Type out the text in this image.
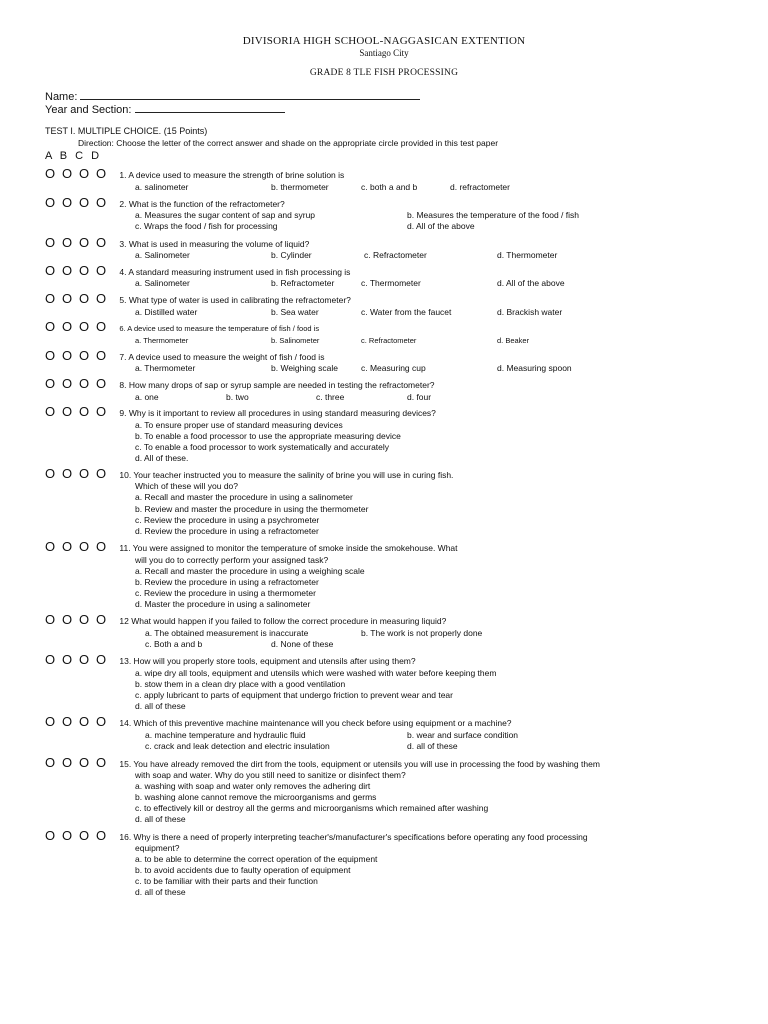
DIVISORIA HIGH SCHOOL-NAGGASICAN EXTENTION
Santiago City
GRADE 8 TLE FISH PROCESSING
Name:
Year and Section:
TEST I. MULTIPLE CHOICE. (15 Points)
Direction: Choose the letter of the correct answer and shade on the appropriate circle provided in this test paper
A B C D
O O O O 1. A device used to measure the strength of brine solution is
a. salinometer	b. thermometer	c. both a and b	d. refractometer
O O O O 2. What is the function of the refractometer?
a. Measures the sugar content of sap and syrup	b. Measures the temperature of the food / fish
c. Wraps the food / fish for processing	d. All of the above
O O O O 3. What is used in measuring the volume of liquid?
a. Salinometer	b. Cylinder	c. Refractometer	d. Thermometer
O O O O 4. A standard measuring instrument used in fish processing is
a. Salinometer	b. Refractometer	c. Thermometer	d. All of the above
O O O O 5. What type of water is used in calibrating the refractometer?
a. Distilled water	b. Sea water	c. Water from the faucet	d. Brackish water
O O O O 6. A device used to measure the temperature of fish / food is
a. Thermometer	b. Salinometer	c. Refractometer	d. Beaker
O O O O 7. A device used to measure the weight of fish / food is
a. Thermometer	b. Weighing scale	c. Measuring cup	d. Measuring spoon
O O O O 8. How many drops of sap or syrup sample are needed in testing the refractometer?
a. one	b. two	c. three	d. four
O O O O 9. Why is it important to review all procedures in using standard measuring devices?
a. To ensure proper use of standard measuring devices
b. To enable a food processor to use the appropriate measuring device
c. To enable a food processor to work systematically and accurately
d. All of these.
O O O O 10. Your teacher instructed you to measure the salinity of brine you will use in curing fish.
Which of these will you do?
a. Recall and master the procedure in using a salinometer
b. Review and master the procedure in using the thermometer
c. Review the procedure in using a psychrometer
d. Review the procedure in using a refractometer
O O O O 11. You were assigned to monitor the temperature of smoke inside the smokehouse. What
will you do to correctly perform your assigned task?
a. Recall and master the procedure in using a weighing scale
b. Review the procedure in using a refractometer
c. Review the procedure in using a thermometer
d. Master the procedure in using a salinometer
O O O O 12 What would happen if you failed to follow the correct procedure in measuring liquid?
a. The obtained measurement is inaccurate	b. The work is not properly done
c. Both a and b	d. None of these
O O O O 13. How will you properly store tools, equipment and utensils after using them?
a. wipe dry all tools, equipment and utensils which were washed with water before keeping them
b. stow them in a clean dry place with a good ventilation
c. apply lubricant to parts of equipment that undergo friction to prevent wear and tear
d. all of these
O O O O 14. Which of this preventive machine maintenance will you check before using equipment or a machine?
a. machine temperature and hydraulic fluid	b. wear and surface condition
c. crack and leak detection and electric insulation	d. all of these
O O O O 15. You have already removed the dirt from the tools, equipment or utensils you will use in processing the food by washing them
with soap and water. Why do you still need to sanitize or disinfect them?
a. washing with soap and water only removes the adhering dirt
b. washing alone cannot remove the microorganisms and germs
c. to effectively kill or destroy all the germs and microorganisms which remained after washing
d. all of these
O O O O 16. Why is there a need of properly interpreting teacher's/manufacturer's specifications before operating any food processing
equipment?
a. to be able to determine the correct operation of the equipment
b. to avoid accidents due to faulty operation of equipment
c. to be familiar with their parts and their function
d. all of these
